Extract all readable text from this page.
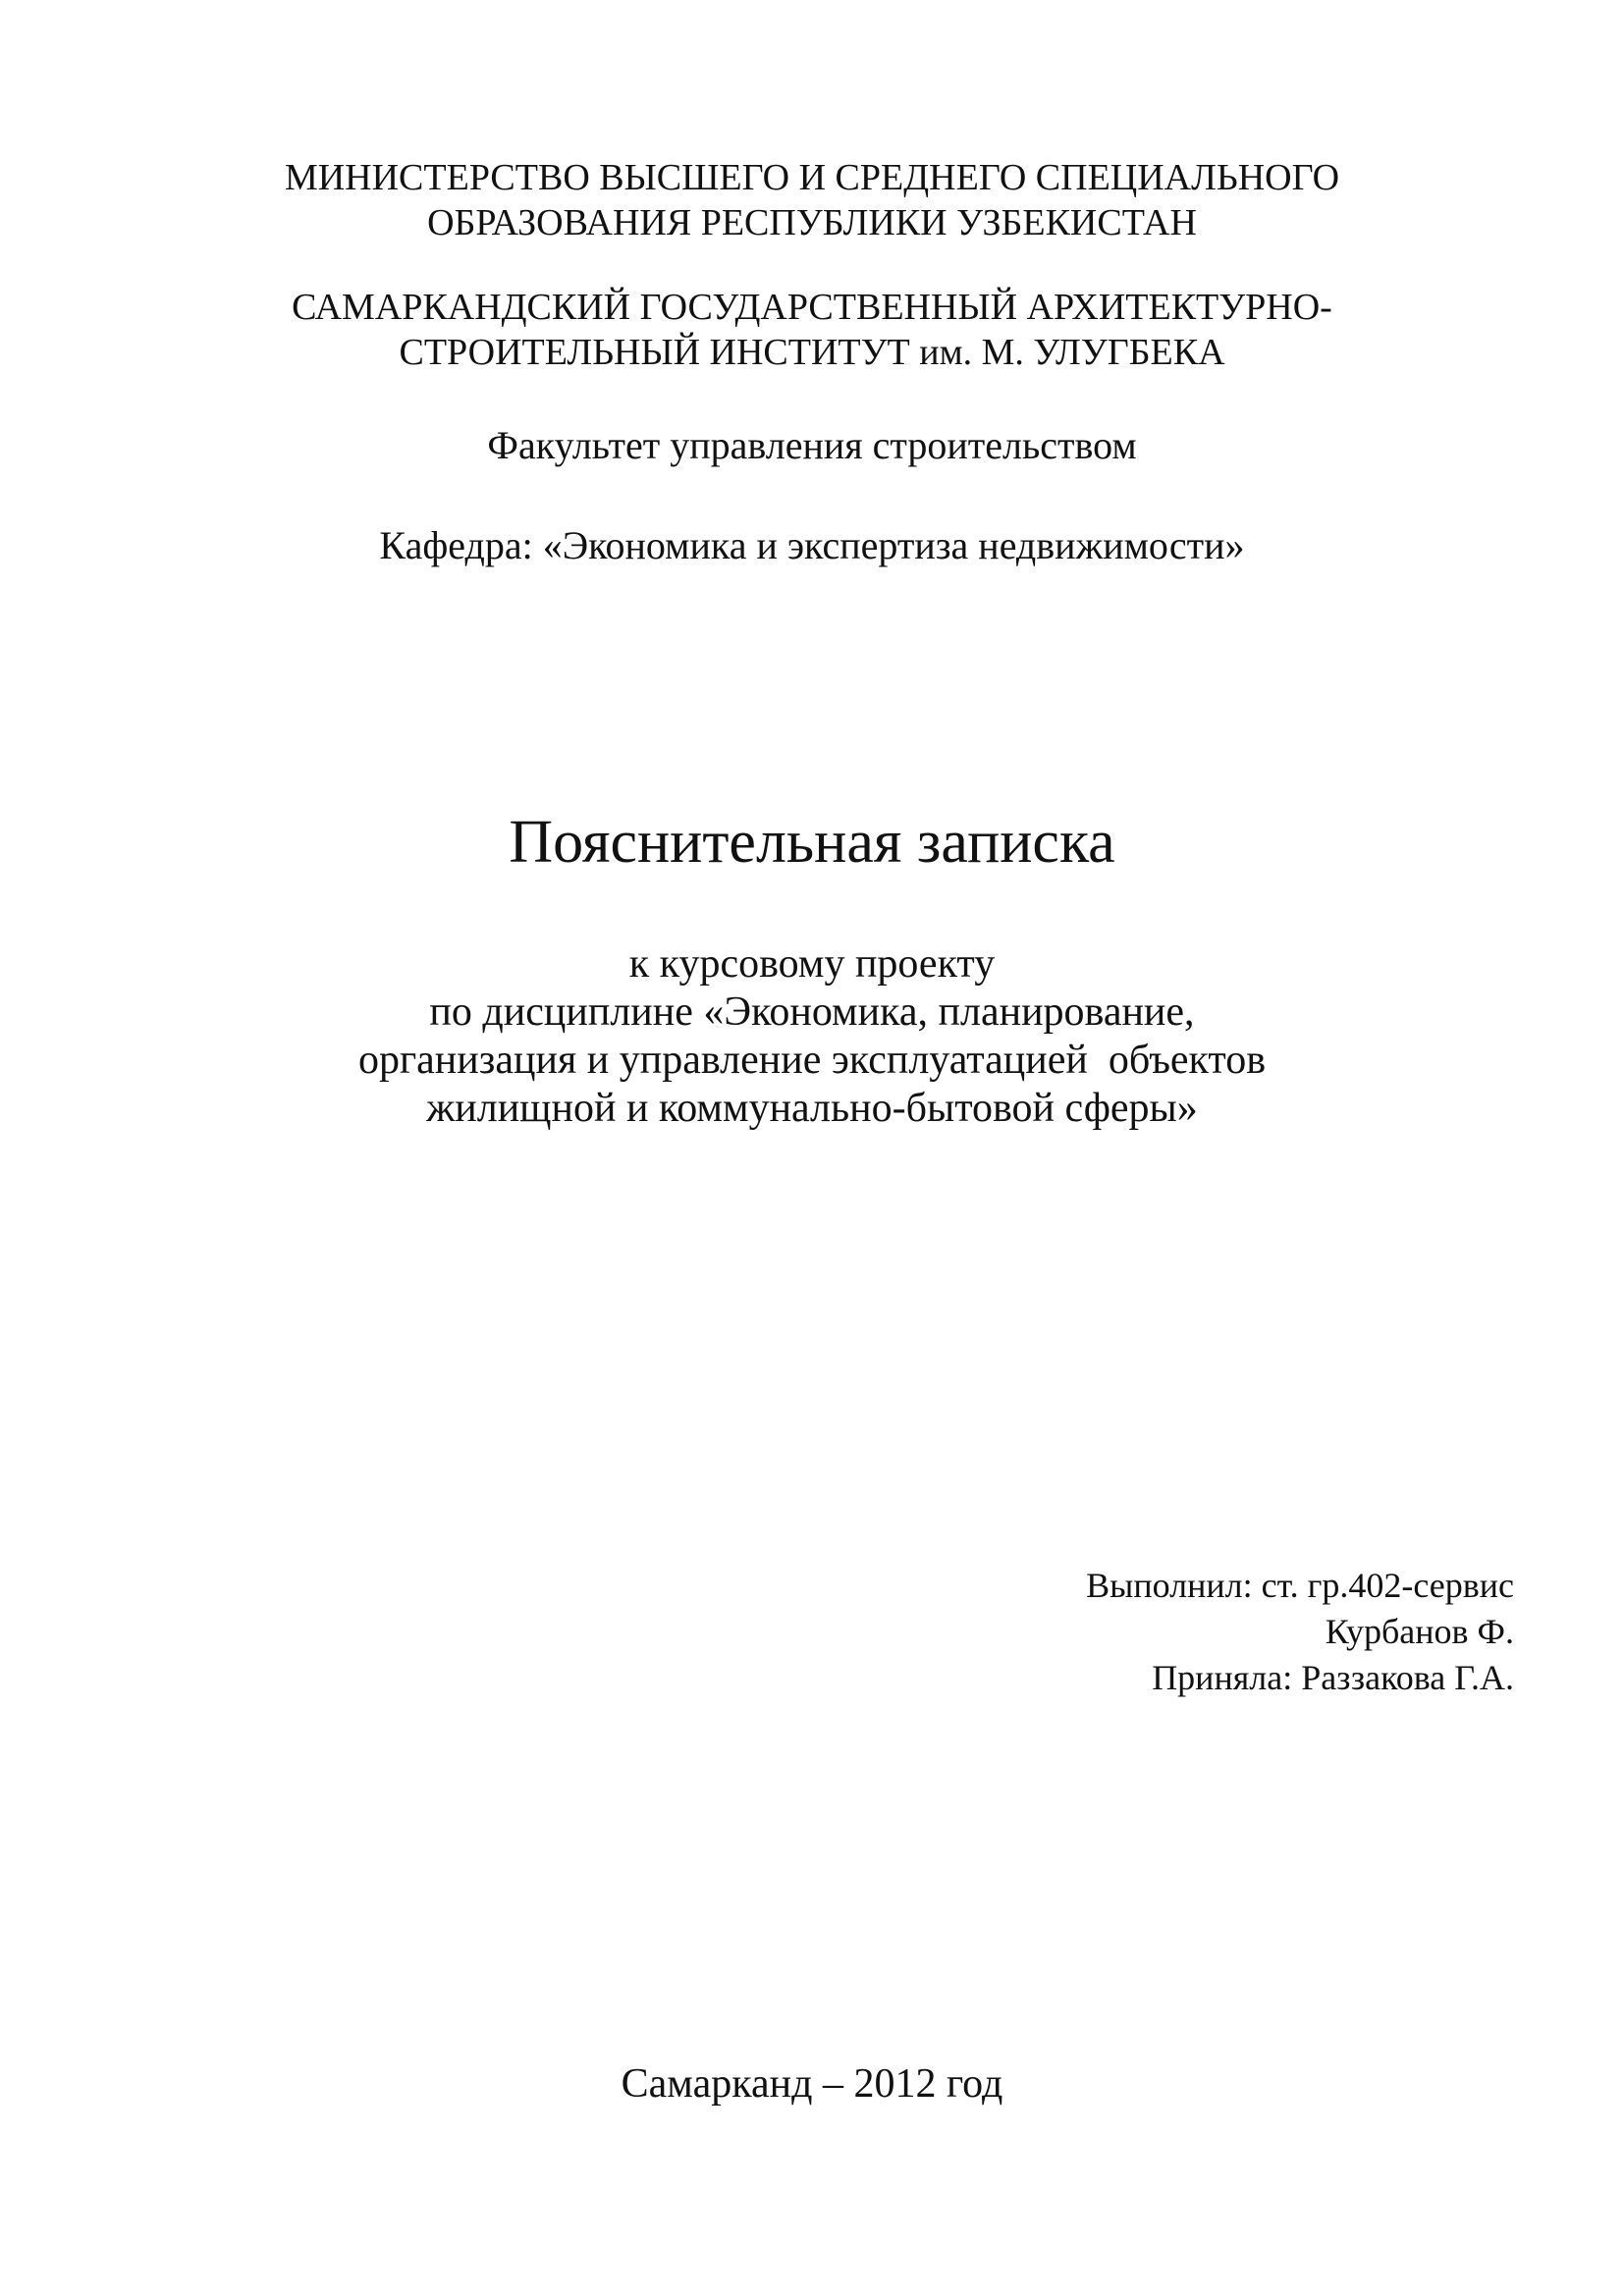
МИНИСТЕРСТВО ВЫСШЕГО И СРЕДНЕГО СПЕЦИАЛЬНОГО
ОБРАЗОВАНИЯ РЕСПУБЛИКИ УЗБЕКИСТАН
САМАРКАНДСКИЙ ГОСУДАРСТВЕННЫЙ АРХИТЕКТУРНО-
СТРОИТЕЛЬНЫЙ ИНСТИТУТ им. М. УЛУГБЕКА
Факультет управления строительством
Кафедра: «Экономика и экспертиза недвижимости»
Пояснительная записка
к курсовому проекту
по дисциплине «Экономика, планирование,
организация и управление эксплуатацией  объектов
жилищной и коммунально-бытовой сферы»
Выполнил: ст. гр.402-сервис
Курбанов Ф.
Приняла: Раззакова Г.А.
Самарканд – 2012 год
